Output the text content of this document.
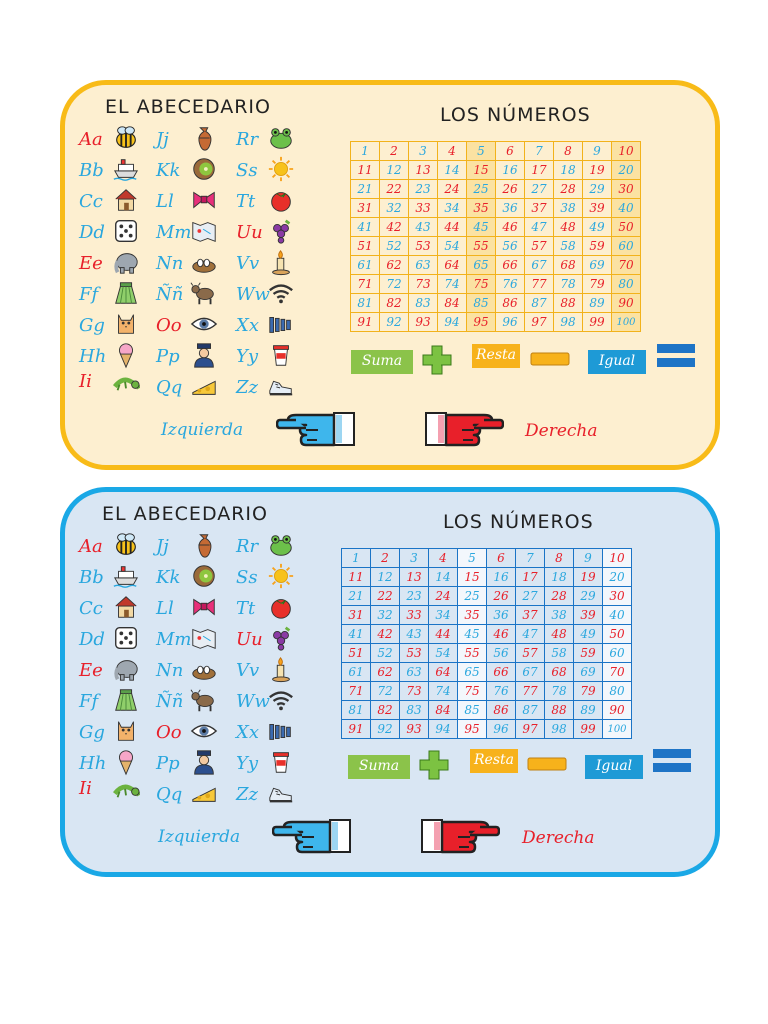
EL ABECEDARIO	LOS NÚMEROS
Aa
Bb
Cc
Dd
Ee
Ff
Gg
Hh
Ii
Jj
Kk
Ll
Mm
Nn
Ññ
Oo
Pp
Qq
Rr
Ss
Tt
Uu
Vv
Ww
Xx
Yy
Zz
1	2	3	4	5	6	7	8	9	10
11	12	13	14	15	16	17	18	19	20
21	22	23	24	25	26	27	28	29	30
31	32	33	34	35	36	37	38	39	40
41	42	43	44	45	46	47	48	49	50
51	52	53	54	55	56	57	58	59	60
61	62	63	64	65	66	67	68	69	70
71	72	73	74	75	76	77	78	79	80
81	82	83	84	85	86	87	88	89	90
91	92	93	94	95	96	97	98	99	100
Suma	Resta	Igual
Izquierda	Derecha
EL ABECEDARIO	LOS NÚMEROS
Aa
Bb
Cc
Dd
Ee
Ff
Gg
Hh
Ii
Jj
Kk
Ll
Mm
Nn
Ññ
Oo
Pp
Qq
Rr
Ss
Tt
Uu
Vv
Ww
Xx
Yy
Zz
1	2	3	4	5	6	7	8	9	10
11	12	13	14	15	16	17	18	19	20
21	22	23	24	25	26	27	28	29	30
31	32	33	34	35	36	37	38	39	40
41	42	43	44	45	46	47	48	49	50
51	52	53	54	55	56	57	58	59	60
61	62	63	64	65	66	67	68	69	70
71	72	73	74	75	76	77	78	79	80
81	82	83	84	85	86	87	88	89	90
91	92	93	94	95	96	97	98	99	100
Suma	Resta	Igual
Izquierda	Derecha
